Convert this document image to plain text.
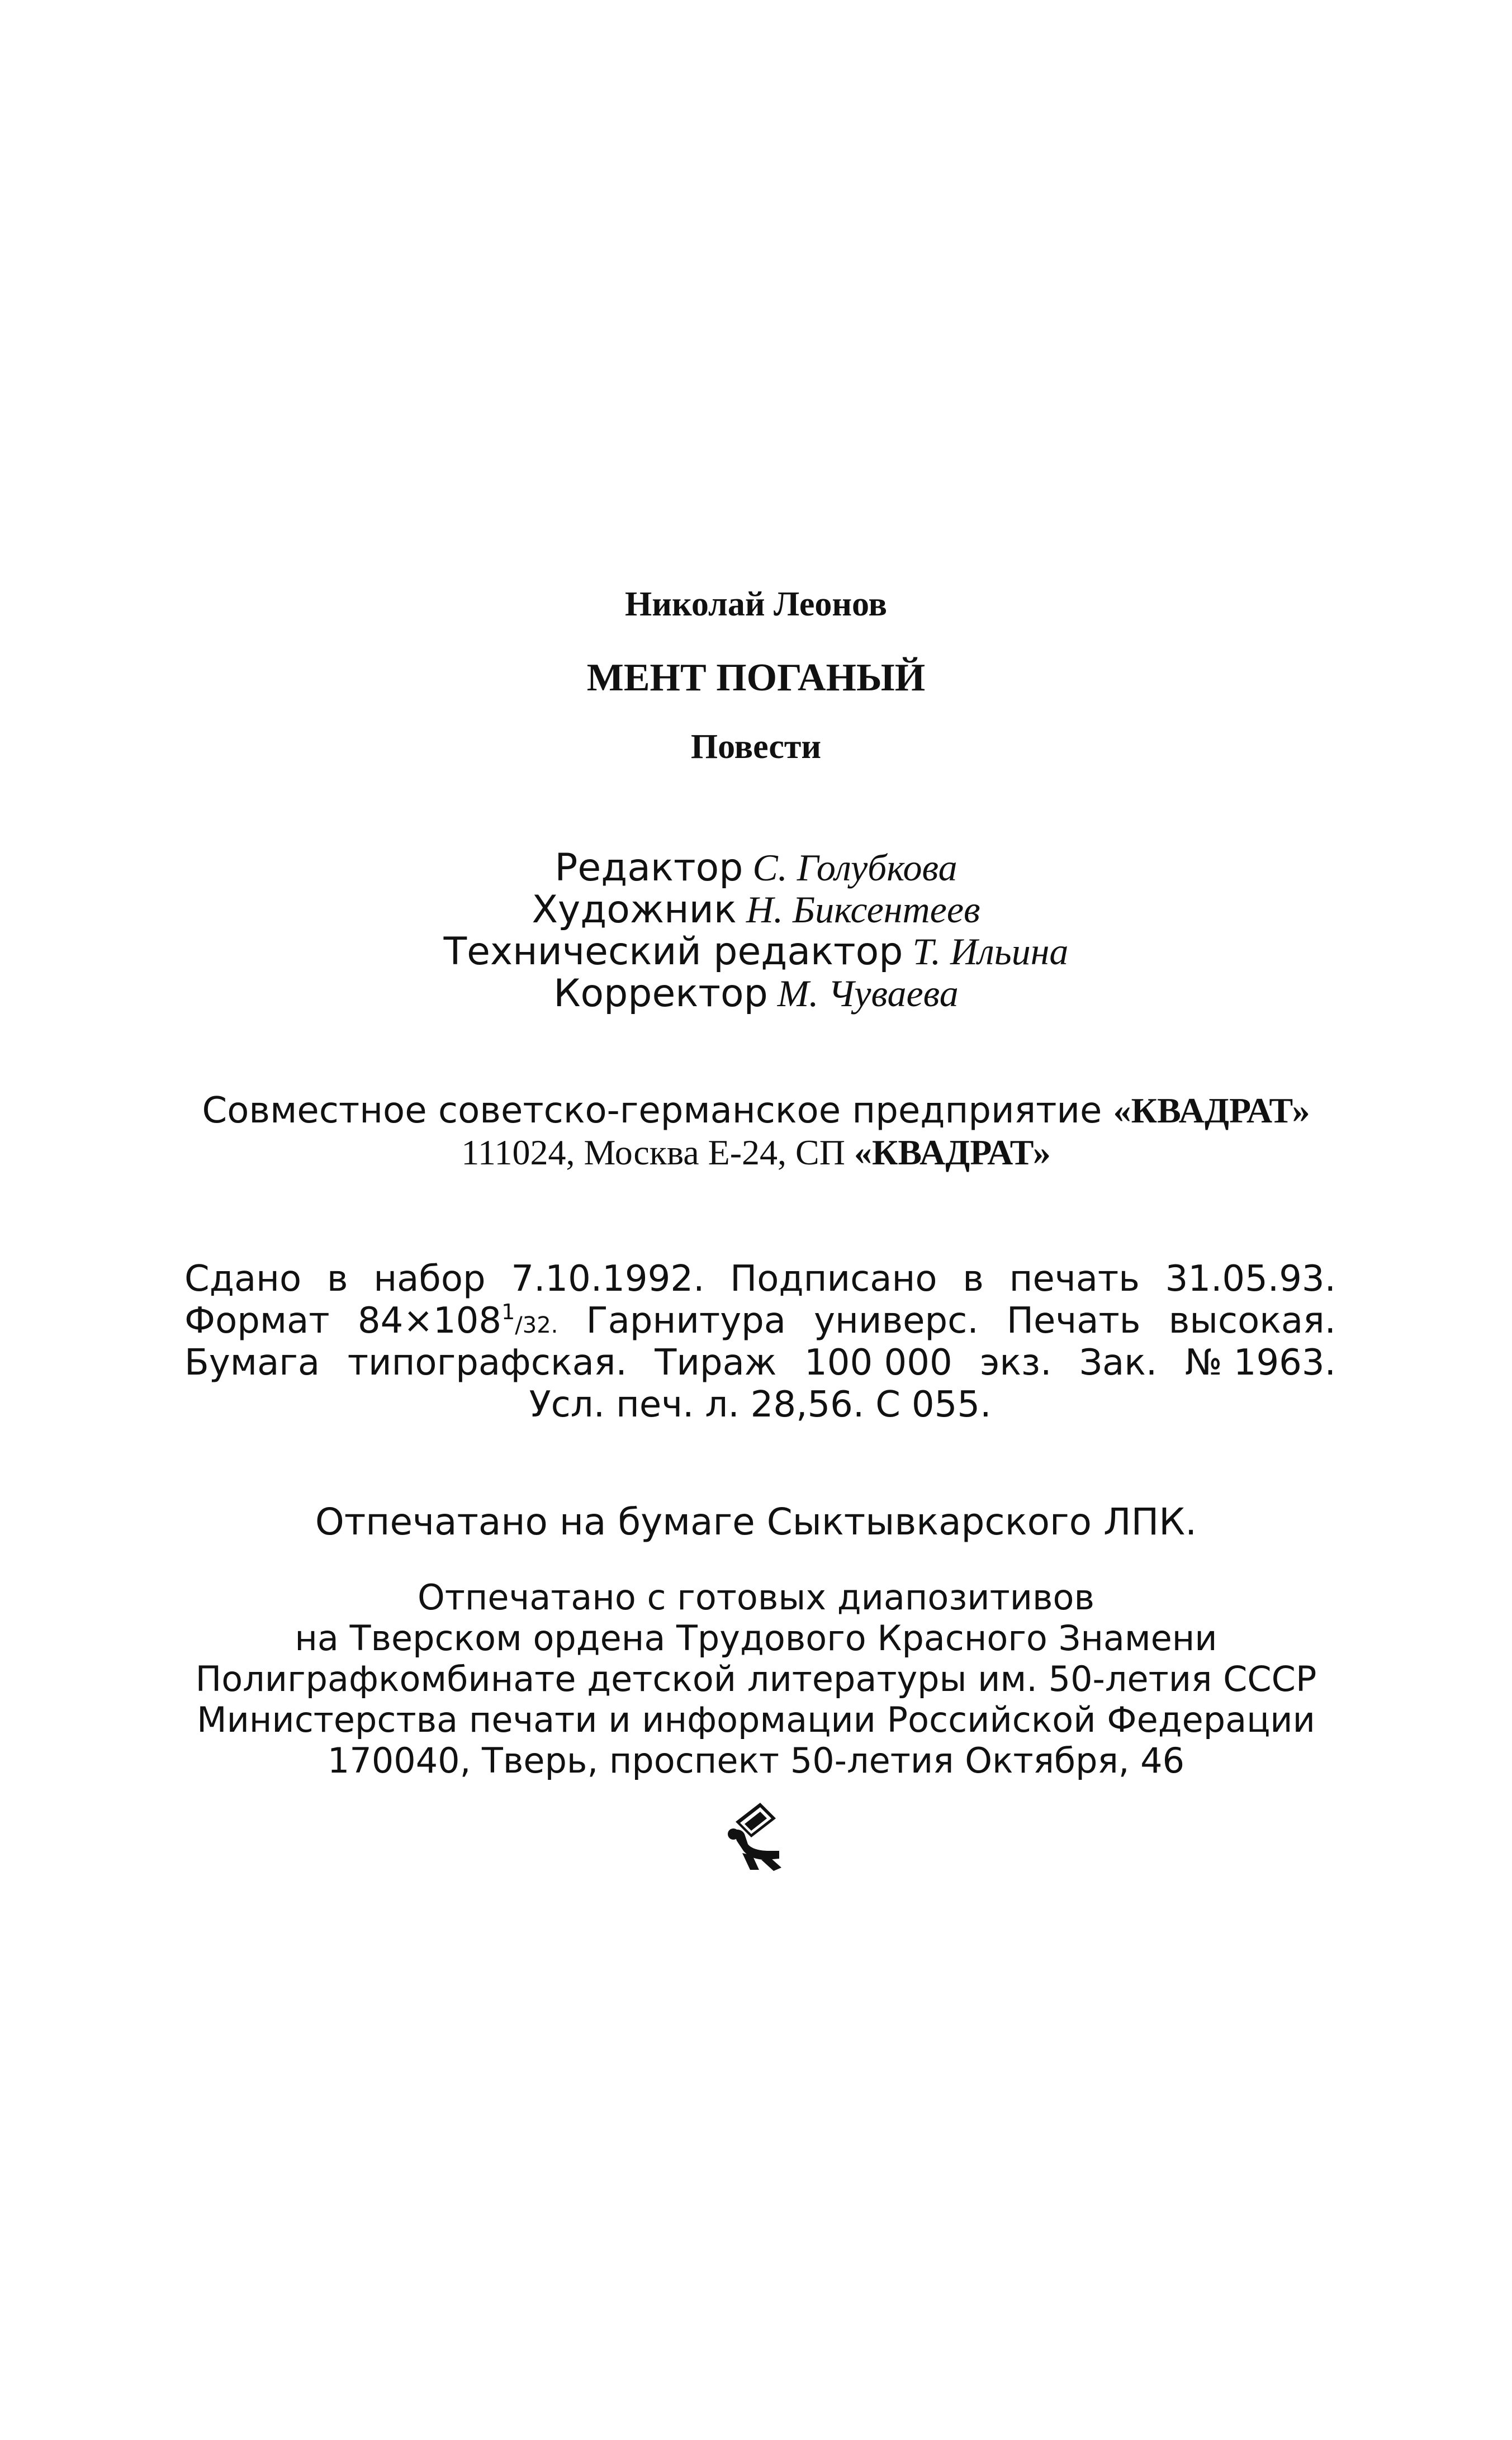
Николай Леонов
МЕНТ ПОГАНЫЙ
Повести
Редактор С. Голубкова
Художник Н. Биксентеев
Технический редактор Т. Ильина
Корректор М. Чуваева
Совместное советско-германское предприятие «КВАДРАТ»
111024, Москва Е-24, СП «КВАДРАТ»
Сдано в набор 7.10.1992. Подписано в печать 31.05.93.
Формат $84\times 108^1/32$. Гарнитура универс. Печать высокая.
Бумага типографская. Тираж 100 000 экз. Зак. № 1963.
Усл. печ. л. 28,56. С 055.
Отпечатано на бумаге Сыктывкарского ЛПК.
Отпечатано с готовых диапозитивов
на Тверском ордена Трудового Красного Знамени
Полиграфкомбинате детской литературы им. 50-летия СССР
Министерства печати и информации Российской Федерации
170040, Тверь, проспект 50-летия Октября, 46
